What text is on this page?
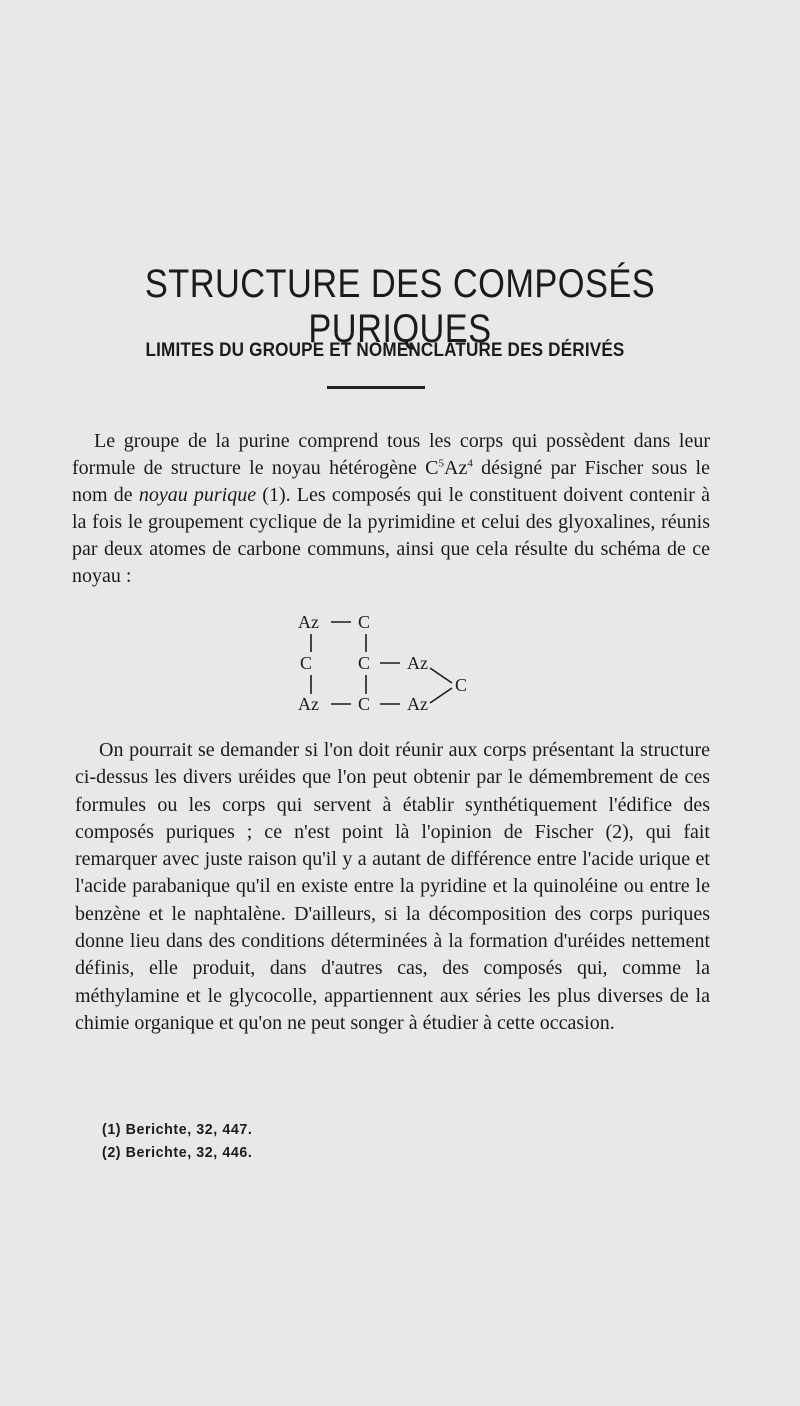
STRUCTURE DES COMPOSÉS PURIQUES
LIMITES DU GROUPE ET NOMENCLATURE DES DÉRIVÉS

Le groupe de la purine comprend tous les corps qui possèdent dans leur formule de structure le noyau hétérogène $C^5Az^4$ désigné par Fischer sous le nom de noyau purique (1). Les composés qui le constituent doivent contenir à la fois le groupement cyclique de la pyrimidine et celui des glyoxalines, réunis par deux atomes de carbone communs, ainsi que cela résulte du schéma de ce noyau :

Az C
C	C Az
C
Az C Az

On pourrait se demander si l'on doit réunir aux corps présentant la structure ci-dessus les divers uréides que l'on peut obtenir par le démembrement de ces formules ou les corps qui servent à établir synthétiquement l'édifice des composés puriques ; ce n'est point là l'opinion de Fischer (2), qui fait remarquer avec juste raison qu'il y a autant de différence entre l'acide urique et l'acide parabanique qu'il en existe entre la pyridine et la quinoléine ou entre le benzène et le naphtalène. D'ailleurs, si la décomposition des corps puriques donne lieu dans des conditions déterminées à la formation d'uréides nettement définis, elle produit, dans d'autres cas, des composés qui, comme la méthylamine et le glycocolle, appartiennent aux séries les plus diverses de la chimie organique et qu'on ne peut songer à étudier à cette occasion.

(1) Berichte, 32, 447.
(2) Berichte, 32, 446.
